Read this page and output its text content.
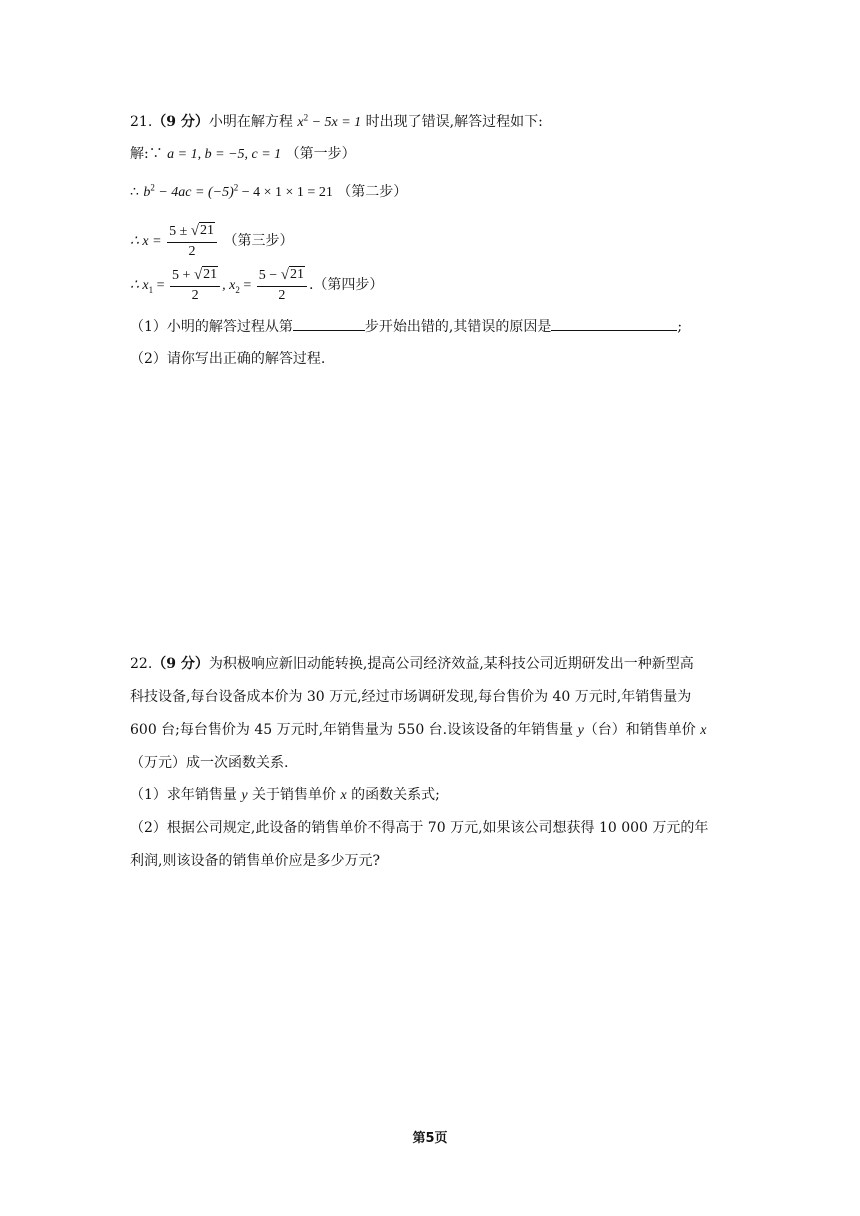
21.（9 分）小明在解方程 $x^2 - 5x = 1$ 时出现了错误,解答过程如下:
解:∵ a = 1, b = −5, c = 1 （第一步）
∴ $b^2 - 4ac = (-5)^2 - 4 \times 1 \times 1 = 21$ （第二步）
∴ $x = \frac{5 \pm √ 21}{2}$ （第三步）
∴ $x_1 = \frac{5 + √ 21}{2}$ , $x_2 = \frac{5 - √ 21}{2}$ .（第四步）
（1）小明的解答过程从第	步开始出错的,其错误的原因是	;
（2）请你写出正确的解答过程.
22.（9 分）为积极响应新旧动能转换,提高公司经济效益,某科技公司近期研发出一种新型高
科技设备,每台设备成本价为 30 万元,经过市场调研发现,每台售价为 40 万元时,年销售量为
600 台;每台售价为 45 万元时,年销售量为 550 台.设该设备的年销售量 y（台）和销售单价 x
（万元）成一次函数关系.
（1）求年销售量 y 关于销售单价 x 的函数关系式;
（2）根据公司规定,此设备的销售单价不得高于 70 万元,如果该公司想获得 10 000 万元的年
利润,则该设备的销售单价应是多少万元?
第5页
